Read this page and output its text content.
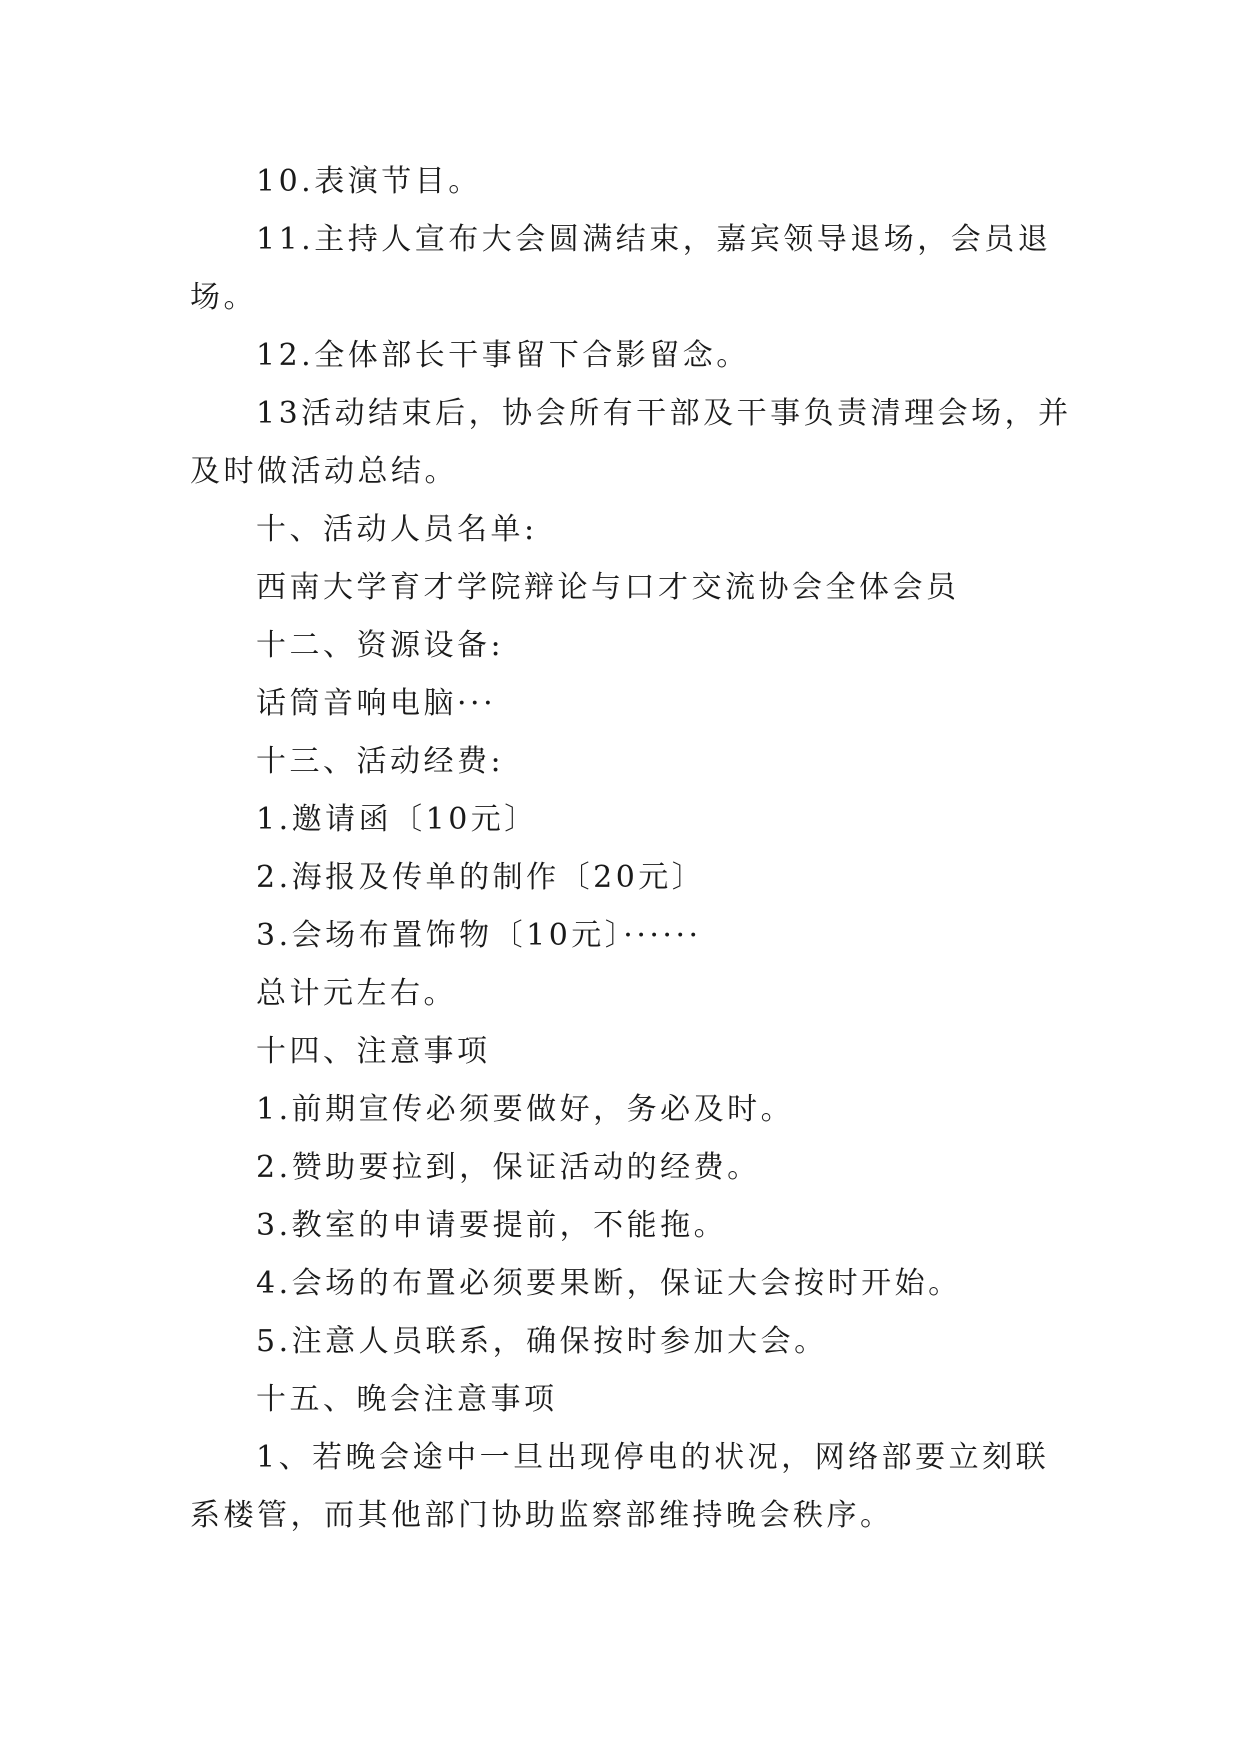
10.表演节目。
11.主持人宣布大会圆满结束，嘉宾领导退场，会员退
场。
12.全体部长干事留下合影留念。
13活动结束后，协会所有干部及干事负责清理会场，并
及时做活动总结。
十、活动人员名单:
西南大学育才学院辩论与口才交流协会全体会员
十二、资源设备:
话筒音响电脑···
十三、活动经费:
1.邀请函〔10元〕
2.海报及传单的制作〔20元〕
3.会场布置饰物〔10元〕······
总计元左右。
十四、注意事项
1.前期宣传必须要做好，务必及时。
2.赞助要拉到，保证活动的经费。
3.教室的申请要提前，不能拖。
4.会场的布置必须要果断，保证大会按时开始。
5.注意人员联系，确保按时参加大会。
十五、晚会注意事项
1、若晚会途中一旦出现停电的状况，网络部要立刻联
系楼管，而其他部门协助监察部维持晚会秩序。
